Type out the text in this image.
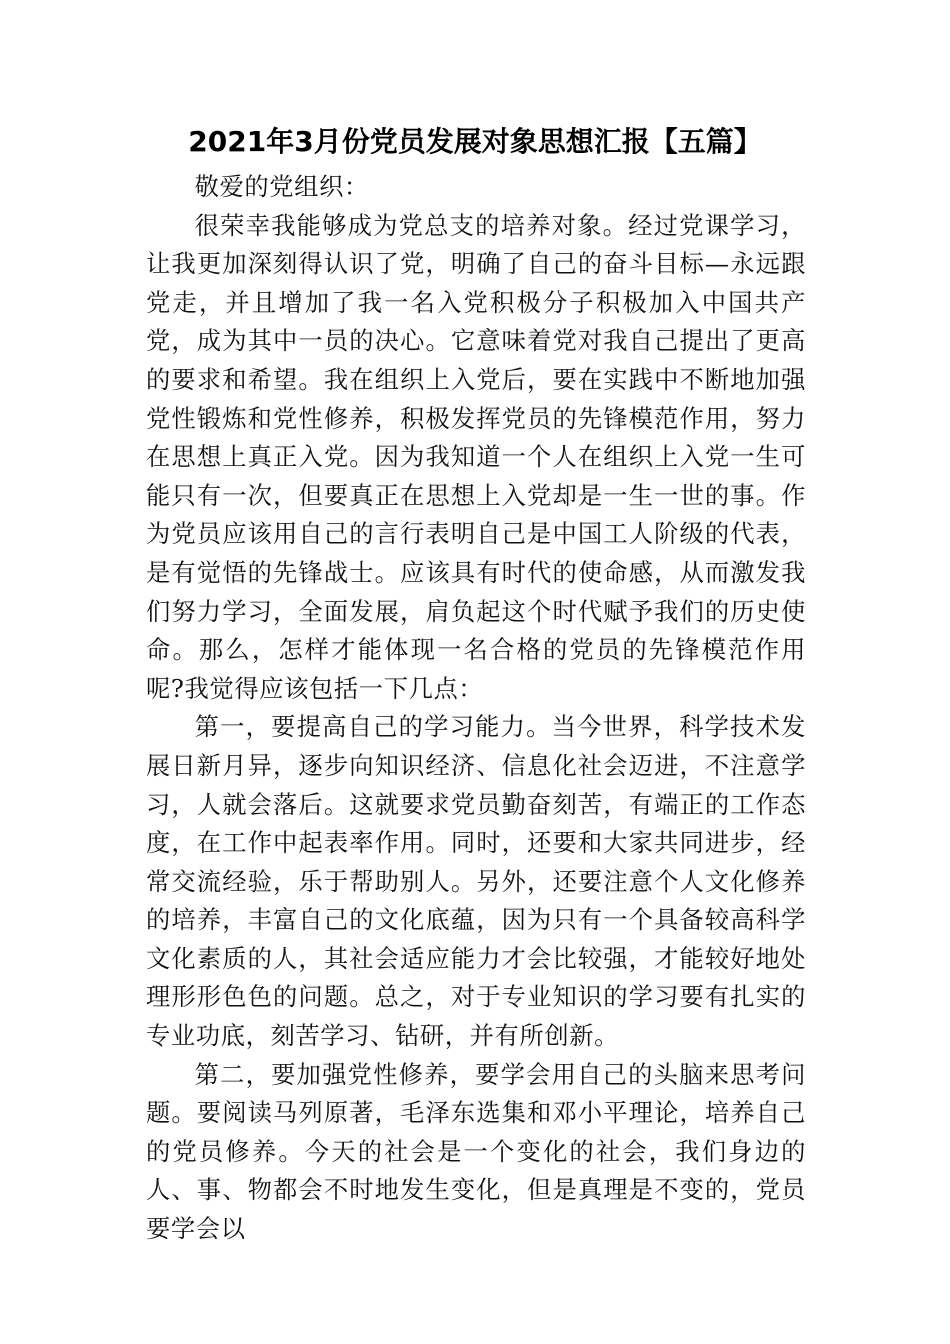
2021年3月份党员发展对象思想汇报【五篇】

敬爱的党组织：

很荣幸我能够成为党总支的培养对象。经过党课学习，让我更加深刻得认识了党，明确了自己的奋斗目标—永远跟党走，并且增加了我一名入党积极分子积极加入中国共产党，成为其中一员的决心。它意味着党对我自己提出了更高的要求和希望。我在组织上入党后，要在实践中不断地加强党性锻炼和党性修养，积极发挥党员的先锋模范作用，努力在思想上真正入党。因为我知道一个人在组织上入党一生可能只有一次，但要真正在思想上入党却是一生一世的事。作为党员应该用自己的言行表明自己是中国工人阶级的代表，是有觉悟的先锋战士。应该具有时代的使命感，从而激发我们努力学习，全面发展，肩负起这个时代赋予我们的历史使命。那么，怎样才能体现一名合格的党员的先锋模范作用呢?我觉得应该包括一下几点：

第一，要提高自己的学习能力。当今世界，科学技术发展日新月异，逐步向知识经济、信息化社会迈进，不注意学习，人就会落后。这就要求党员勤奋刻苦，有端正的工作态度，在工作中起表率作用。同时，还要和大家共同进步，经常交流经验，乐于帮助别人。另外，还要注意个人文化修养的培养，丰富自己的文化底蕴，因为只有一个具备较高科学文化素质的人，其社会适应能力才会比较强，才能较好地处理形形色色的问题。总之，对于专业知识的学习要有扎实的专业功底，刻苦学习、钻研，并有所创新。

第二，要加强党性修养，要学会用自己的头脑来思考问题。要阅读马列原著，毛泽东选集和邓小平理论，培养自己的党员修养。今天的社会是一个变化的社会，我们身边的人、事、物都会不时地发生变化，但是真理是不变的，党员要学会以
